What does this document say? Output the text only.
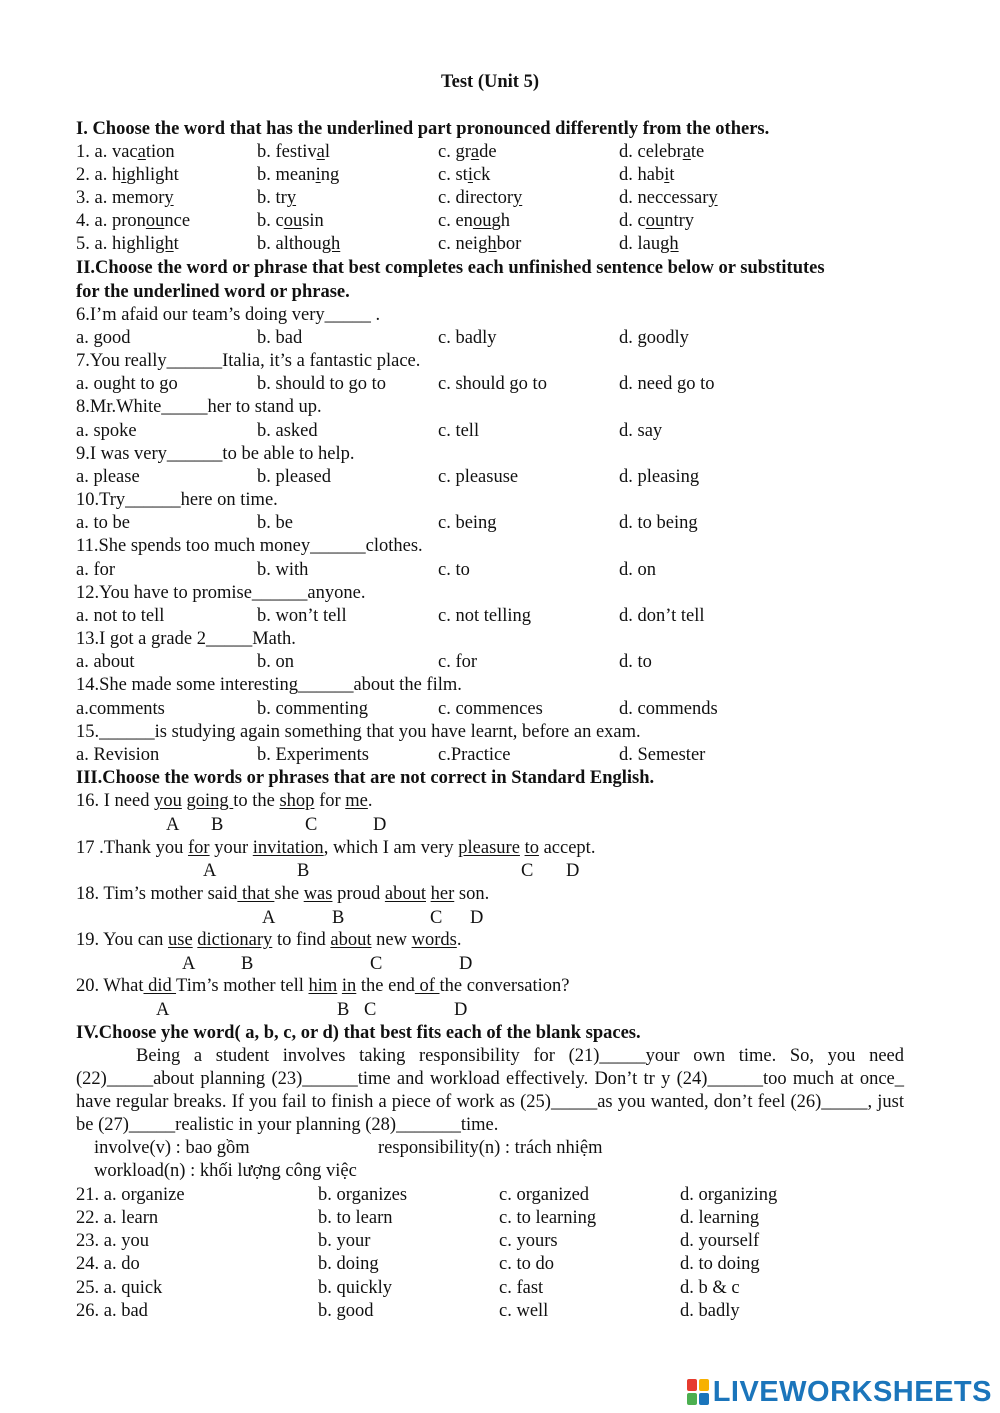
Test (Unit 5)
I. Choose the word that has the underlined part pronounced differently from the others.
1. a. vacation	b. festival	c. grade	d. celebrate
2. a. highlight	b. meaning	c. stick	d. habit
3. a. memory	b. try	c. directory	d. neccessary
4. a. pronounce	b. cousin	c. enough	d. country
5. a. highlight	b. although	c. neighbor	d. laugh
II.Choose the word or phrase that best completes each unfinished sentence below or substitutes
for the underlined word or phrase.
6.I’m afaid our team’s doing very_____ .
a. good	b. bad	c. badly	d. goodly
7.You really______Italia, it’s a fantastic place.
a. ought to go	b. should to go to	c. should go to	d. need go to
8.Mr.White_____her to stand up.
a. spoke	b. asked	c. tell	d. say
9.I was very______to be able to help.
a. please	b. pleased	c. pleasuse	d. pleasing
10.Try______here on time.
a. to be	b. be	c. being	d. to being
11.She spends too much money______clothes.
a. for	b. with	c. to	d. on
12.You have to promise______anyone.
a. not to tell	b. won’t tell	c. not telling	d. don’t tell
13.I got a grade 2_____Math.
a. about	b. on	c. for	d. to
14.She made some interesting______about the film.
a.comments	b. commenting	c. commences	d. commends
15.______is studying again something that you have learnt, before an exam.
a. Revision	b. Experiments	c.Practice	d. Semester
III.Choose the words or phrases that are not correct in Standard English.
16. I need you going to the shop for me.
A B	C	D
17 .Thank you for your invitation, which I am very pleasure to accept.
A	B	C D
18. Tim’s mother said that she was proud about her son.
A	B	C D
19. You can use dictionary to find about new words.
A B	C	D
20. What did Tim’s mother tell him in the end of the conversation?
A	B C	D
IV.Choose yhe word( a, b, c, or d) that best fits each of the blank spaces.
Being a student involves taking responsibility for (21)_____your own time. So, you need (22)_____about planning (23)______time and workload effectively. Don’t tr y (24)______too much at once_ have regular breaks. If you fail to finish a piece of work as (25)_____as you wanted, don’t feel (26)_____, just be (27)_____realistic in your planning (28)_______time.
involve(v) : bao gồm	responsibility(n) : trách nhiệm
workload(n) : khối lượng công việc
21. a. organize	b. organizes	c. organized	d. organizing
22. a. learn	b. to learn	c. to learning	d. learning
23. a. you	b. your	c. yours	d. yourself
24. a. do	b. doing	c. to do	d. to doing
25. a. quick	b. quickly	c. fast	d. b & c
26. a. bad	b. good	c. well	d. badly
LIVEWORKSHEETS
